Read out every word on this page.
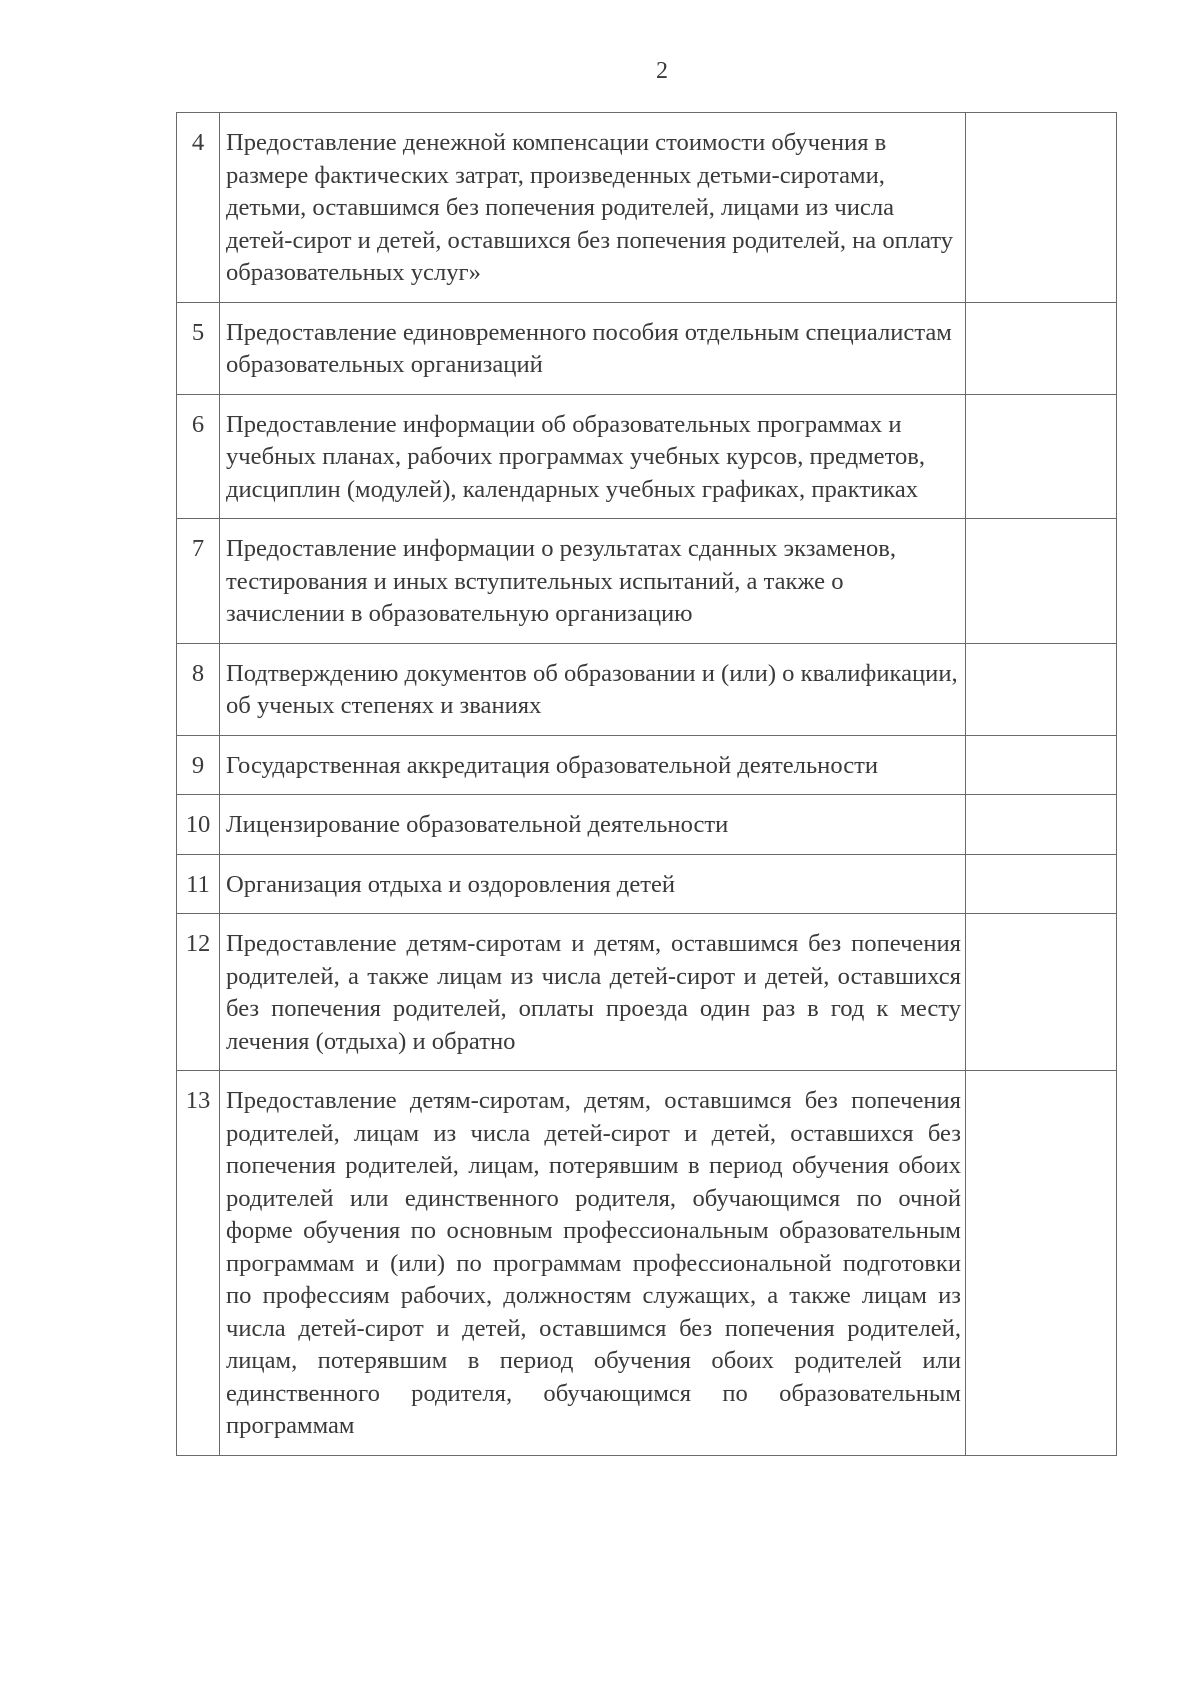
2
4	Предоставление денежной компенсации стоимости обучения в размере фактических затрат, произведенных детьми-сиротами, детьми, оставшимся без попечения родителей, лицами из числа детей-сирот и детей, оставшихся без попечения родителей, на оплату образовательных услуг»	
5	Предоставление единовременного пособия отдельным специалистам образовательных организаций	
6	Предоставление информации об образовательных программах и учебных планах, рабочих программах учебных курсов, предметов, дисциплин (модулей), календарных учебных графиках, практиках	
7	Предоставление информации о результатах сданных экзаменов, тестирования и иных вступительных испытаний, а также о зачислении в образовательную организацию	
8	Подтверждению документов об образовании и (или) о квалификации, об ученых степенях и званиях	
9	Государственная аккредитация образовательной деятельности	
10	Лицензирование образовательной деятельности	
11	Организация отдыха и оздоровления детей	
12	Предоставление детям-сиротам и детям, оставшимся без попечения родителей, а также лицам из числа детей-сирот и детей, оставшихся без попечения родителей, оплаты проезда один раз в год к месту лечения (отдыха) и обратно	
13	Предоставление детям-сиротам, детям, оставшимся без попечения родителей, лицам из числа детей-сирот и детей, оставшихся без попечения родителей, лицам, потерявшим в период обучения обоих родителей или единственного родителя, обучающимся по очной форме обучения по основным профессиональным образовательным программам и (или) по программам профессиональной подготовки по профессиям рабочих, должностям служащих, а также лицам из числа детей-сирот и детей, оставшимся без попечения родителей, лицам, потерявшим в период обучения обоих родителей или единственного родителя, обучающимся по образовательным программам	
